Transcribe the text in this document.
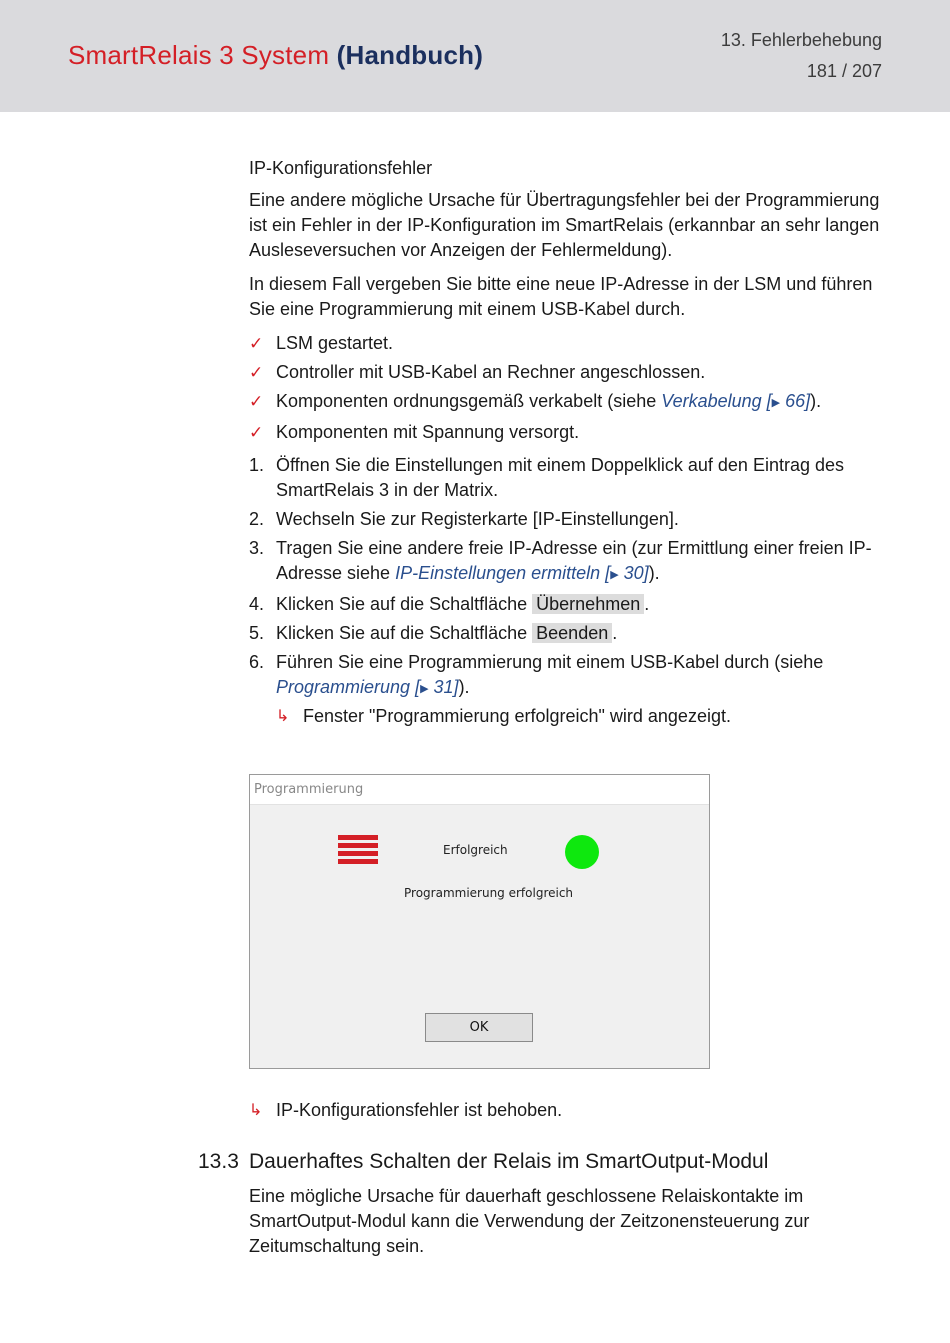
SmartRelais 3 System (Handbuch)	13. Fehlerbehebung
181 / 207
IP-Konfigurationsfehler

Eine andere mögliche Ursache für Übertragungsfehler bei der Programmierung ist ein Fehler in der IP-Konfiguration im SmartRelais (erkannbar an sehr langen Ausleseversuchen vor Anzeigen der Fehlermeldung).

In diesem Fall vergeben Sie bitte eine neue IP-Adresse in der LSM und führen Sie eine Programmierung mit einem USB-Kabel durch.

✓ LSM gestartet.
✓ Controller mit USB-Kabel an Rechner angeschlossen.
✓ Komponenten ordnungsgemäß verkabelt (siehe Verkabelung [▶ 66]).
✓ Komponenten mit Spannung versorgt.
1. Öffnen Sie die Einstellungen mit einem Doppelklick auf den Eintrag des SmartRelais 3 in der Matrix.
2. Wechseln Sie zur Registerkarte [IP-Einstellungen].
3. Tragen Sie eine andere freie IP-Adresse ein (zur Ermittlung einer freien IP-Adresse siehe IP-Einstellungen ermitteln [▶ 30]).
4. Klicken Sie auf die Schaltfläche Übernehmen .
5. Klicken Sie auf die Schaltfläche Beenden .
6. Führen Sie eine Programmierung mit einem USB-Kabel durch (siehe Programmierung [▶ 31]).
↳ Fenster "Programmierung erfolgreich" wird angezeigt.
Programmierung
Erfolgreich
Programmierung erfolgreich
OK
↳ IP-Konfigurationsfehler ist behoben.
13.3 Dauerhaftes Schalten der Relais im SmartOutput-Modul

Eine mögliche Ursache für dauerhaft geschlossene Relaiskontakte im SmartOutput-Modul kann die Verwendung der Zeitzonensteuerung zur Zeitumschaltung sein.
